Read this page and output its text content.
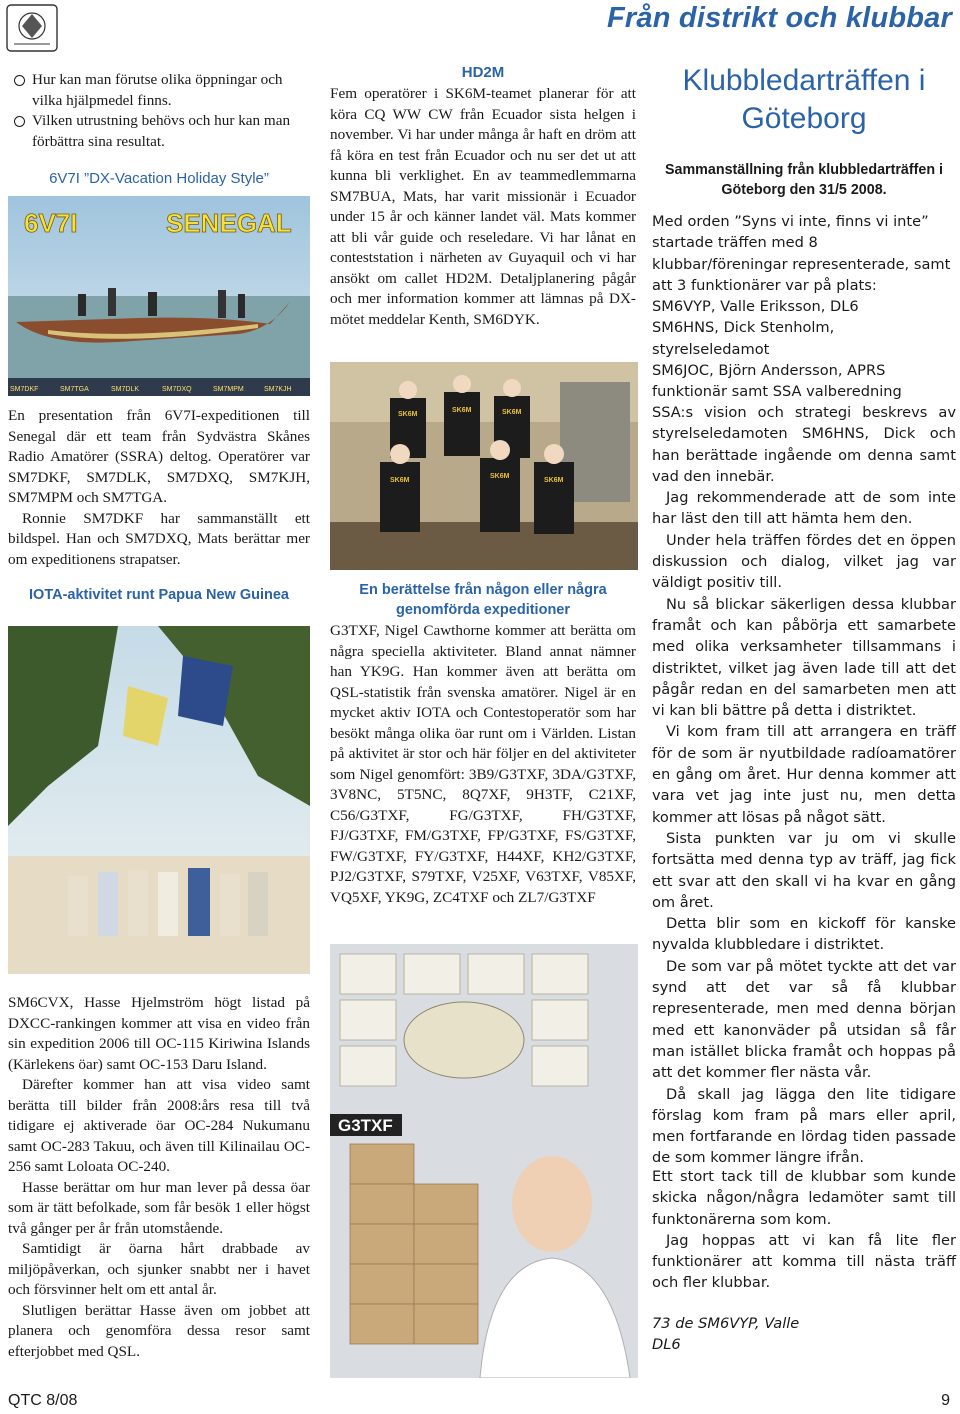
Från distrikt och klubbar
Hur kan man förutse olika öppningar och vilka hjälpmedel finns.
Vilken utrustning behövs och hur kan man förbättra sina resultat.
6V7I ”DX-Vacation Holiday Style”
6V7I	SENEGAL
SM7DKF	SM7TGA	SM7DLK	SM7DXQ	SM7MPM	SM7KJH

En presentation från 6V7I-expeditionen till Senegal där ett team från Sydvästra Skånes Radio Amatörer (SSRA) deltog. Operatörer var SM7DKF, SM7DLK, SM7DXQ, SM7KJH, SM7MPM och SM7TGA.

Ronnie SM7DKF har sammanställt ett bildspel. Han och SM7DXQ, Mats berättar mer om expeditionens strapatser.

IOTA-aktivitet runt Papua New Guinea

SM6CVX, Hasse Hjelmström högt listad på DXCC-rankingen kommer att visa en video från sin expedition 2006 till OC-115 Kiriwina Islands (Kärlekens öar) samt OC-153 Daru Island.

Därefter kommer han att visa video samt berätta till bilder från 2008:års resa till två tidigare ej aktiverade öar OC-284 Nukumanu samt OC-283 Takuu, och även till Kilinailau OC-256 samt Loloata OC-240.

Hasse berättar om hur man lever på dessa öar som är tätt befolkade, som får besök 1 eller högst två gånger per år från utomstående.

Samtidigt är öarna hårt drabbade av miljöpåverkan, och sjunker snabbt ner i havet och försvinner helt om ett antal år.

Slutligen berättar Hasse även om jobbet att planera och genomföra dessa resor samt efterjobbet med QSL.

HD2M
Fem operatörer i SK6M-teamet planerar för att köra CQ WW CW från Ecuador sista helgen i november. Vi har under många år haft en dröm att få köra en test från Ecuador och nu ser det ut att kunna bli verklighet. En av teammedlemmarna SM7BUA, Mats, har varit missionär i Ecuador under 15 år och känner landet väl. Mats kommer att bli vår guide och reseledare. Vi har lånat en conteststation i närheten av Guyaquil och vi har ansökt om callet HD2M. Detaljplanering pågår och mer information kommer att lämnas på DX-mötet meddelar Kenth, SM6DYK.
SK6M
SK6M	SK6M
SK6M
SK6M
SK6M
En berättelse från någon eller några genomförda expeditioner
G3TXF, Nigel Cawthorne kommer att berätta om några speciella aktiviteter. Bland annat nämner han YK9G. Han kommer även att berätta om QSL-statistik från svenska amatörer. Nigel är en mycket aktiv IOTA och Contestoperatör som har besökt många olika öar runt om i Världen. Listan på aktivitet är stor och här följer en del aktiviteter som Nigel genomfört: 3B9/G3TXF, 3DA/G3TXF, 3V8NC, 5T5NC, 8Q7XF, 9H3TF, C21XF, C56/G3TXF, FG/G3TXF, FH/G3TXF, FJ/G3TXF, FM/G3TXF, FP/G3TXF, FS/G3TXF, FW/G3TXF, FY/G3TXF, H44XF, KH2/G3TXF, PJ2/G3TXF, S79TXF, V25XF, V63TXF, V85XF, VQ5XF, YK9G, ZC4TXF och ZL7/G3TXF
G3TXF
Klubbledarträffen i Göteborg
Sammanställning från klubbledarträffen i Göteborg den 31/5 2008.

Med orden ”Syns vi inte, finns vi inte” startade träffen med 8 klubbar/föreningar representerade, samt att 3 funktionärer var på plats:

SM6VYP, Valle Eriksson, DL6

SM6HNS, Dick Stenholm, styrelseledamot

SM6JOC, Björn Andersson, APRS funktionär samt SSA valberedning

SSA:s vision och strategi beskrevs av styrelseledamoten SM6HNS, Dick och han berättade ingående om denna samt vad den innebär.

Jag rekommenderade att de som inte har läst den till att hämta hem den.

Under hela träffen fördes det en öppen diskussion och dialog, vilket jag var väldigt positiv till.

Nu så blickar säkerligen dessa klubbar framåt och kan påbörja ett samarbete med olika verksamheter tillsammans i distriktet, vilket jag även lade till att det pågår redan en del samarbeten men att vi kan bli bättre på detta i distriktet.

Vi kom fram till att arrangera en träff för de som är nyutbildade radíoamatörer en gång om året. Hur denna kommer att vara vet jag inte just nu, men detta kommer att lösas på något sätt.

Sista punkten var ju om vi skulle fortsätta med denna typ av träff, jag fick ett svar att den skall vi ha kvar en gång om året.

Detta blir som en kickoff för kanske nyvalda klubbledare i distriktet.

De som var på mötet tyckte att det var synd att det var så få klubbar representerade, men med denna början med ett kanonväder på utsidan så får man istället blicka framåt och hoppas på att det kommer fler nästa vår.

Då skall jag lägga den lite tidigare förslag kom fram på mars eller april, men fortfarande en lördag tiden passade de som kommer längre ifrån.

Ett stort tack till de klubbar som kunde skicka någon/några ledamöter samt till funktonärerna som kom.

Jag hoppas att vi kan få lite fler funktionärer att komma till nästa träff och fler klubbar.

73 de SM6VYP, Valle

DL6

QTC 8/08	9
